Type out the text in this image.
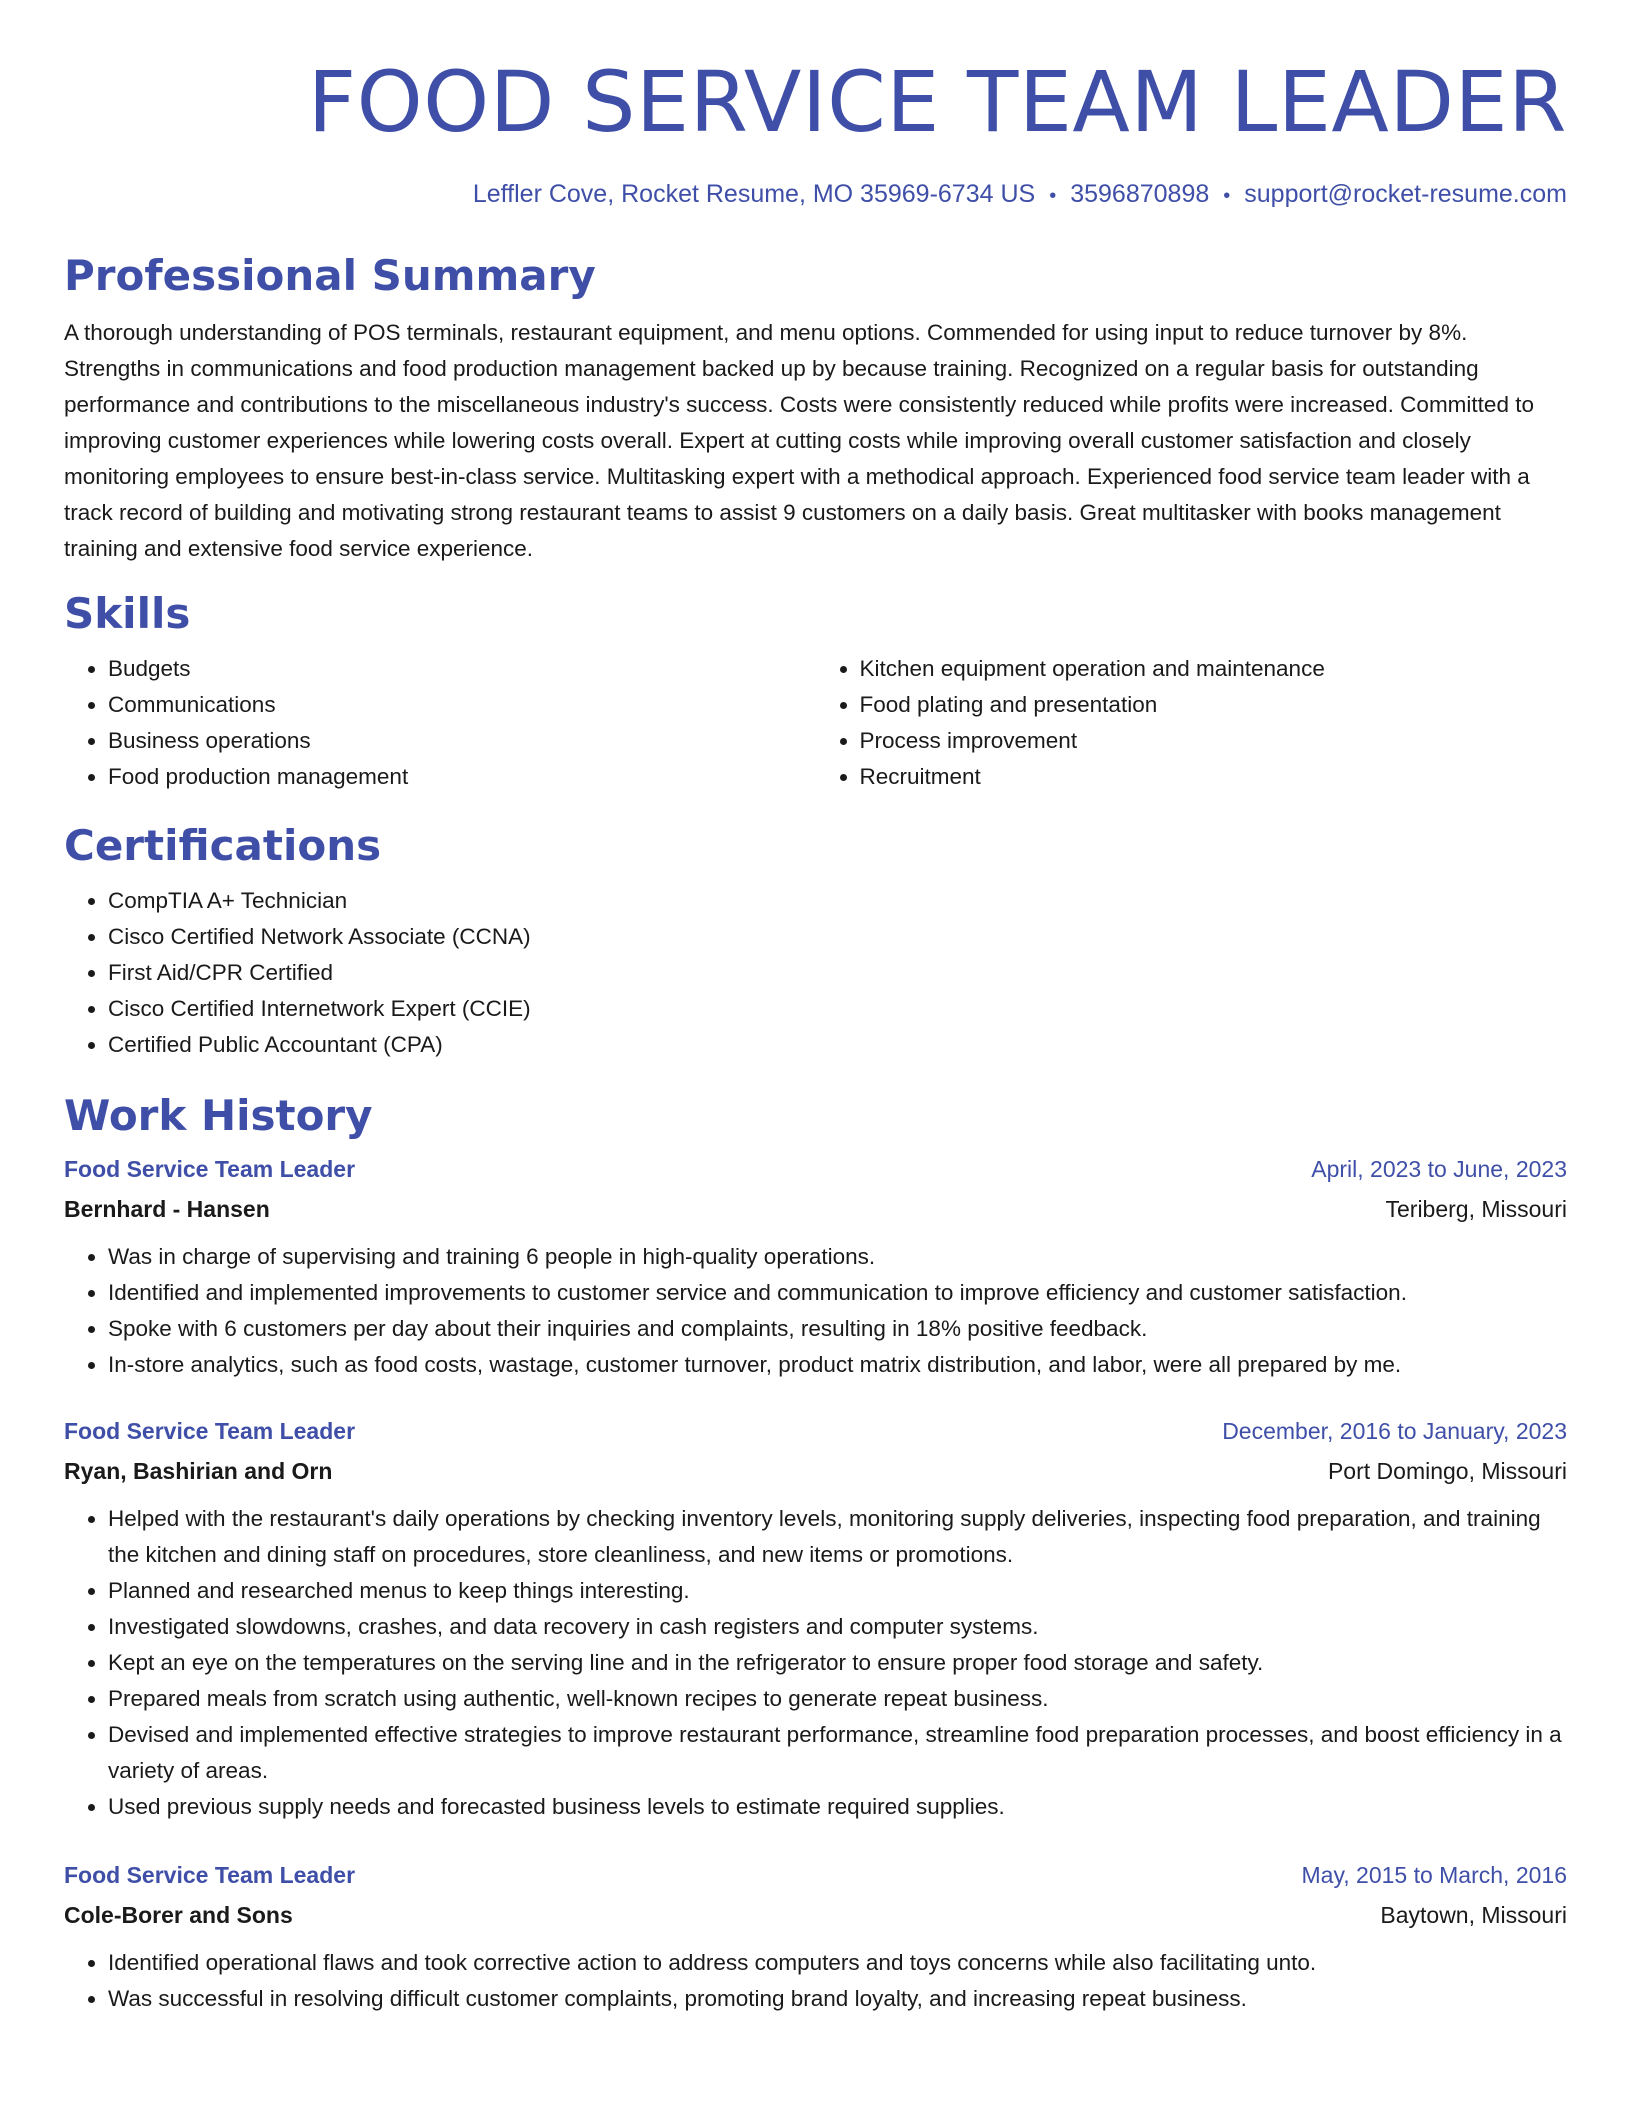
FOOD SERVICE TEAM LEADER
Leffler Cove, Rocket Resume, MO 35969-6734 US • 3596870898 • support@rocket-resume.com
Professional Summary
A thorough understanding of POS terminals, restaurant equipment, and menu options. Commended for using input to reduce turnover by 8%. Strengths in communications and food production management backed up by because training. Recognized on a regular basis for outstanding performance and contributions to the miscellaneous industry's success. Costs were consistently reduced while profits were increased. Committed to improving customer experiences while lowering costs overall. Expert at cutting costs while improving overall customer satisfaction and closely monitoring employees to ensure best-in-class service. Multitasking expert with a methodical approach. Experienced food service team leader with a track record of building and motivating strong restaurant teams to assist 9 customers on a daily basis. Great multitasker with books management training and extensive food service experience.
Skills
• Budgets
• Communications
• Business operations
• Food production management
• Kitchen equipment operation and maintenance
• Food plating and presentation
• Process improvement
• Recruitment
Certifications
• CompTIA A+ Technician
• Cisco Certified Network Associate (CCNA)
• First Aid/CPR Certified
• Cisco Certified Internetwork Expert (CCIE)
• Certified Public Accountant (CPA)
Work History
Food Service Team Leader	April, 2023 to June, 2023
Bernhard - Hansen	Teriberg, Missouri
• Was in charge of supervising and training 6 people in high-quality operations.
• Identified and implemented improvements to customer service and communication to improve efficiency and customer satisfaction.
• Spoke with 6 customers per day about their inquiries and complaints, resulting in 18% positive feedback.
• In-store analytics, such as food costs, wastage, customer turnover, product matrix distribution, and labor, were all prepared by me.
Food Service Team Leader	December, 2016 to January, 2023
Ryan, Bashirian and Orn	Port Domingo, Missouri
• Helped with the restaurant's daily operations by checking inventory levels, monitoring supply deliveries, inspecting food preparation, and training the kitchen and dining staff on procedures, store cleanliness, and new items or promotions.
• Planned and researched menus to keep things interesting.
• Investigated slowdowns, crashes, and data recovery in cash registers and computer systems.
• Kept an eye on the temperatures on the serving line and in the refrigerator to ensure proper food storage and safety.
• Prepared meals from scratch using authentic, well-known recipes to generate repeat business.
• Devised and implemented effective strategies to improve restaurant performance, streamline food preparation processes, and boost efficiency in a variety of areas.
• Used previous supply needs and forecasted business levels to estimate required supplies.
Food Service Team Leader	May, 2015 to March, 2016
Cole-Borer and Sons	Baytown, Missouri
• Identified operational flaws and took corrective action to address computers and toys concerns while also facilitating unto.
• Was successful in resolving difficult customer complaints, promoting brand loyalty, and increasing repeat business.
